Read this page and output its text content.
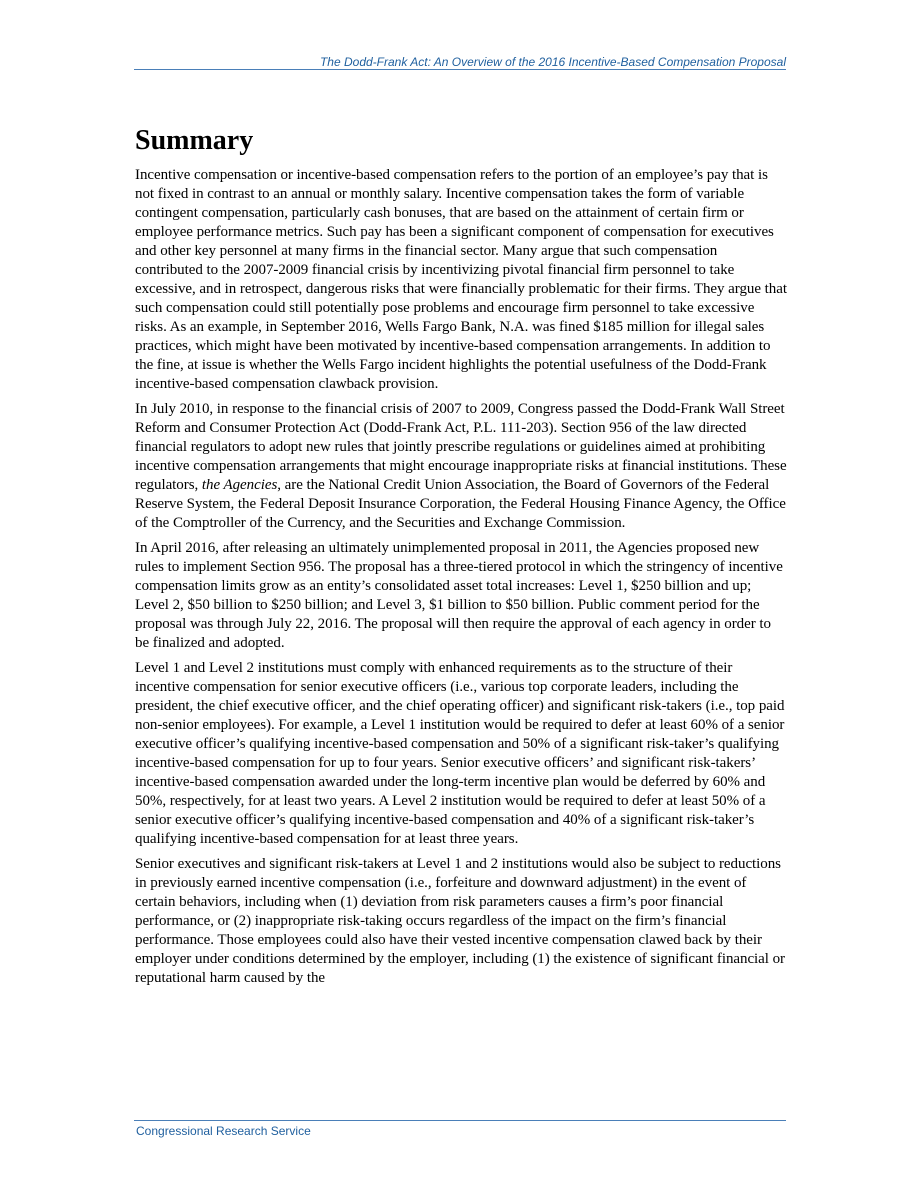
The Dodd-Frank Act: An Overview of the 2016 Incentive-Based Compensation Proposal
Summary

Incentive compensation or incentive-based compensation refers to the portion of an employee’s pay that is not fixed in contrast to an annual or monthly salary. Incentive compensation takes the form of variable contingent compensation, particularly cash bonuses, that are based on the attainment of certain firm or employee performance metrics. Such pay has been a significant component of compensation for executives and other key personnel at many firms in the financial sector. Many argue that such compensation contributed to the 2007-2009 financial crisis by incentivizing pivotal financial firm personnel to take excessive, and in retrospect, dangerous risks that were financially problematic for their firms. They argue that such compensation could still potentially pose problems and encourage firm personnel to take excessive risks. As an example, in September 2016, Wells Fargo Bank, N.A. was fined $185 million for illegal sales practices, which might have been motivated by incentive-based compensation arrangements. In addition to the fine, at issue is whether the Wells Fargo incident highlights the potential usefulness of the Dodd-Frank incentive-based compensation clawback provision.

In July 2010, in response to the financial crisis of 2007 to 2009, Congress passed the Dodd-Frank Wall Street Reform and Consumer Protection Act (Dodd-Frank Act, P.L. 111-203). Section 956 of the law directed financial regulators to adopt new rules that jointly prescribe regulations or guidelines aimed at prohibiting incentive compensation arrangements that might encourage inappropriate risks at financial institutions. These regulators, the Agencies, are the National Credit Union Association, the Board of Governors of the Federal Reserve System, the Federal Deposit Insurance Corporation, the Federal Housing Finance Agency, the Office of the Comptroller of the Currency, and the Securities and Exchange Commission.

In April 2016, after releasing an ultimately unimplemented proposal in 2011, the Agencies proposed new rules to implement Section 956. The proposal has a three-tiered protocol in which the stringency of incentive compensation limits grow as an entity’s consolidated asset total increases: Level 1, $250 billion and up; Level 2, $50 billion to $250 billion; and Level 3, $1 billion to $50 billion. Public comment period for the proposal was through July 22, 2016. The proposal will then require the approval of each agency in order to be finalized and adopted.

Level 1 and Level 2 institutions must comply with enhanced requirements as to the structure of their incentive compensation for senior executive officers (i.e., various top corporate leaders, including the president, the chief executive officer, and the chief operating officer) and significant risk-takers (i.e., top paid non-senior employees). For example, a Level 1 institution would be required to defer at least 60% of a senior executive officer’s qualifying incentive-based compensation and 50% of a significant risk-taker’s qualifying incentive-based compensation for up to four years. Senior executive officers’ and significant risk-takers’ incentive-based compensation awarded under the long-term incentive plan would be deferred by 60% and 50%, respectively, for at least two years. A Level 2 institution would be required to defer at least 50% of a senior executive officer’s qualifying incentive-based compensation and 40% of a significant risk-taker’s qualifying incentive-based compensation for at least three years.

Senior executives and significant risk-takers at Level 1 and 2 institutions would also be subject to reductions in previously earned incentive compensation (i.e., forfeiture and downward adjustment) in the event of certain behaviors, including when (1) deviation from risk parameters causes a firm’s poor financial performance, or (2) inappropriate risk-taking occurs regardless of the impact on the firm’s financial performance. Those employees could also have their vested incentive compensation clawed back by their employer under conditions determined by the employer, including (1) the existence of significant financial or reputational harm caused by the

Congressional Research Service
